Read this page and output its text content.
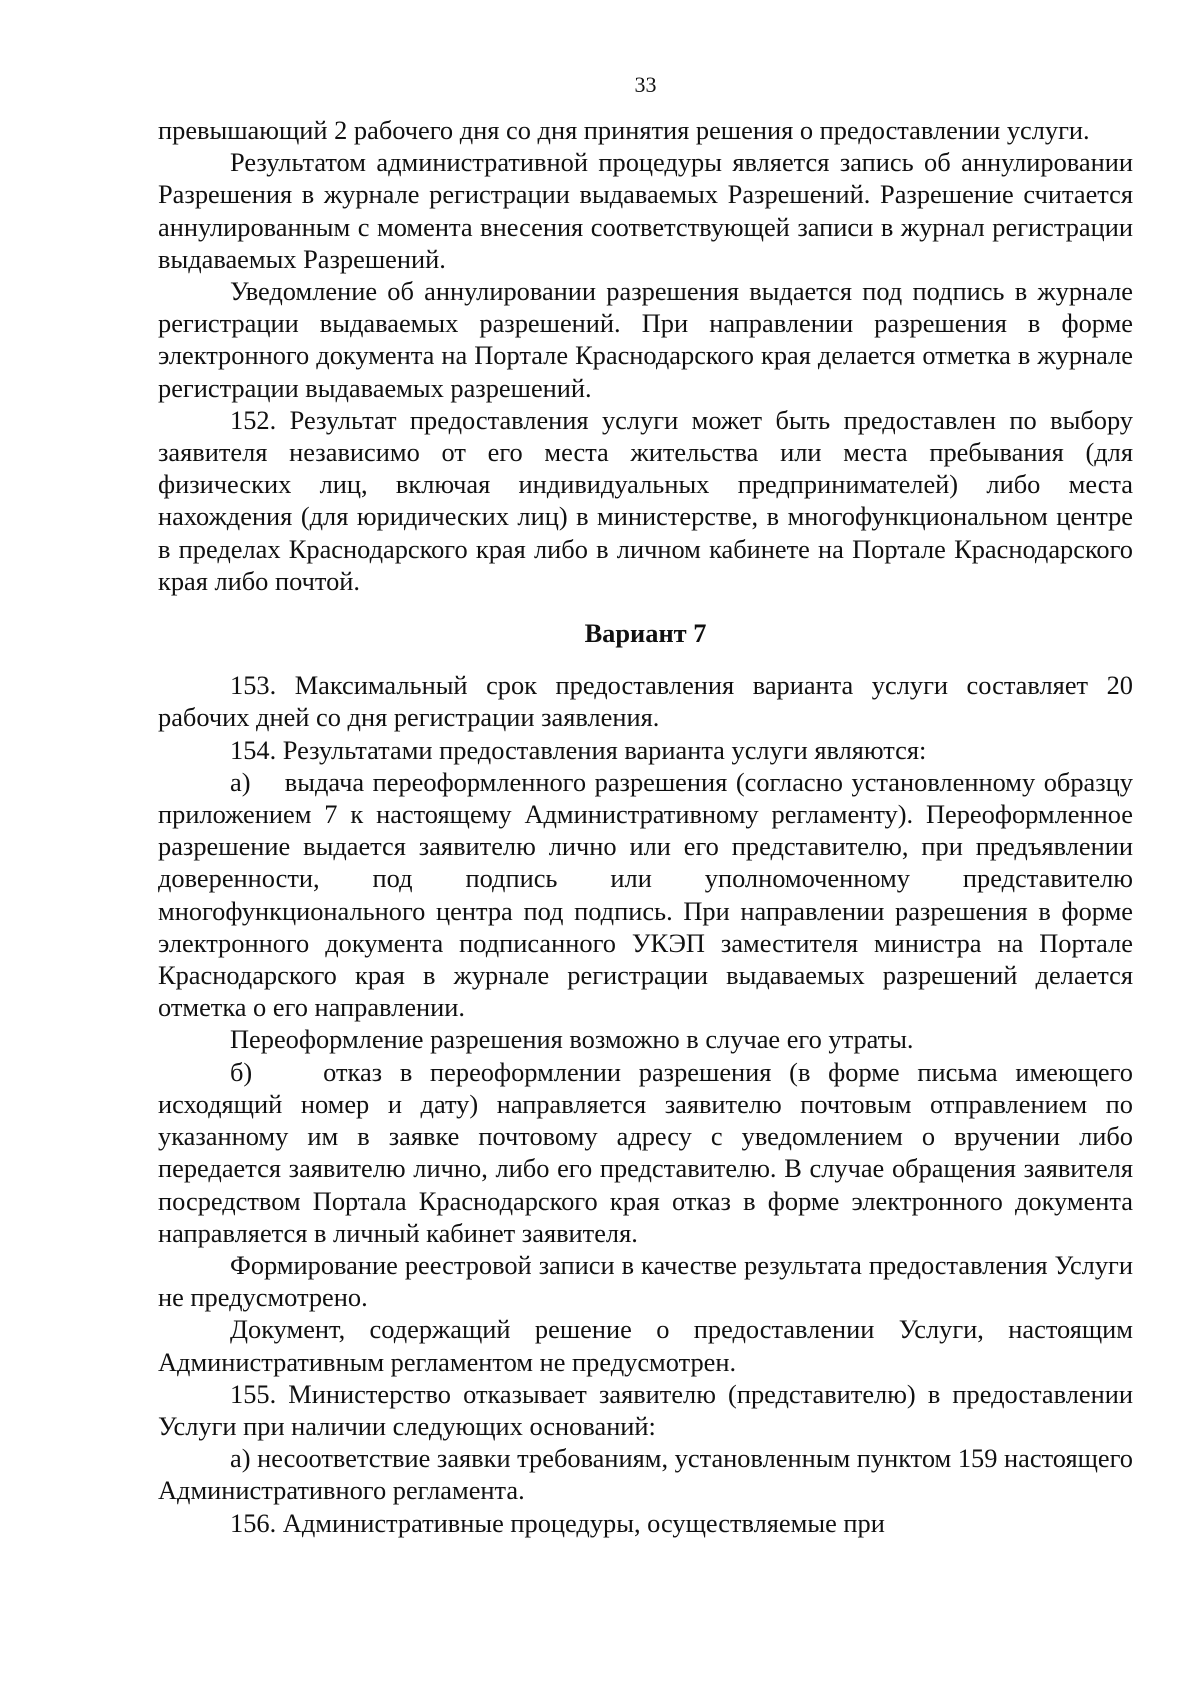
33

превышающий 2 рабочего дня со дня принятия решения о предоставлении услуги.

Результатом административной процедуры является запись об аннулировании Разрешения в журнале регистрации выдаваемых Разрешений. Разрешение считается аннулированным с момента внесения соответствующей записи в журнал регистрации выдаваемых Разрешений.

Уведомление об аннулировании разрешения выдается под подпись в журнале регистрации выдаваемых разрешений. При направлении разрешения в форме электронного документа на Портале Краснодарского края делается отметка в журнале регистрации выдаваемых разрешений.

152. Результат предоставления услуги может быть предоставлен по выбору заявителя независимо от его места жительства или места пребывания (для физических лиц, включая индивидуальных предпринимателей) либо места нахождения (для юридических лиц) в министерстве, в многофункциональном центре в пределах Краснодарского края либо в личном кабинете на Портале Краснодарского края либо почтой.

Вариант 7

153. Максимальный срок предоставления варианта услуги составляет 20 рабочих дней со дня регистрации заявления.

154. Результатами предоставления варианта услуги являются:

а)    выдача переоформленного разрешения (согласно установленному образцу приложением 7 к настоящему Административному регламенту). Переоформленное разрешение выдается заявителю лично или его представителю, при предъявлении доверенности, под подпись или уполномоченному представителю многофункционального центра под подпись. При направлении разрешения в форме электронного документа подписанного УКЭП заместителя министра на Портале Краснодарского края в журнале регистрации выдаваемых разрешений делается отметка о его направлении.

Переоформление разрешения возможно в случае его утраты.

б)    отказ в переоформлении разрешения (в форме письма имеющего исходящий номер и дату) направляется заявителю почтовым отправлением по указанному им в заявке почтовому адресу с уведомлением о вручении либо передается заявителю лично, либо его представителю. В случае обращения заявителя посредством Портала Краснодарского края отказ в форме электронного документа направляется в личный кабинет заявителя.

Формирование реестровой записи в качестве результата предоставления Услуги не предусмотрено.

Документ, содержащий решение о предоставлении Услуги, настоящим Административным регламентом не предусмотрен.

155. Министерство отказывает заявителю (представителю) в предоставлении Услуги при наличии следующих оснований:

а) несоответствие заявки требованиям, установленным пунктом 159 настоящего Административного регламента.

156. Административные процедуры, осуществляемые при
